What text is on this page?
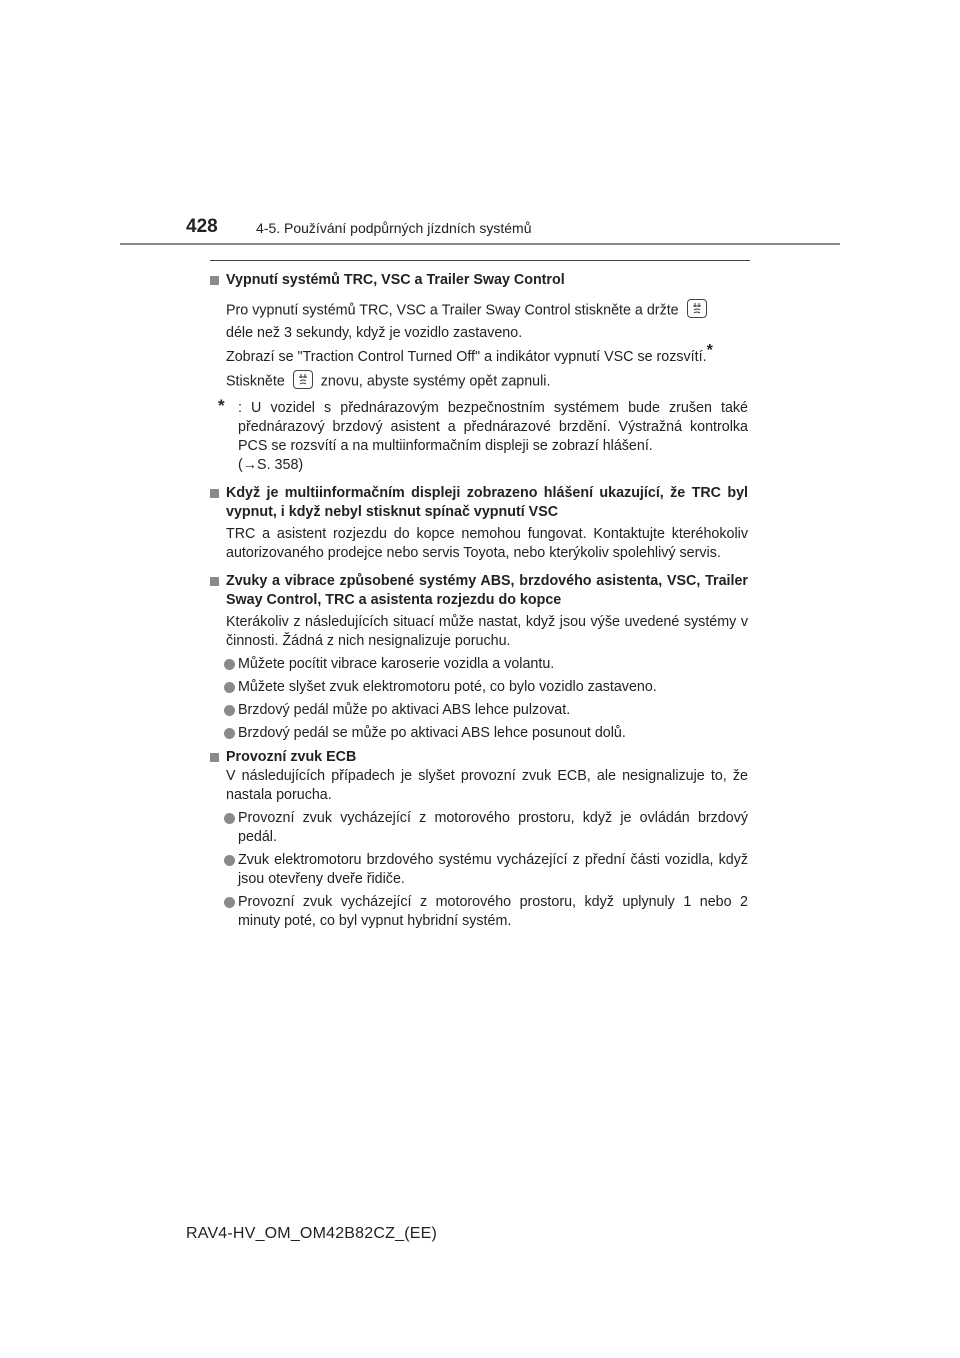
428	4-5. Používání podpůrných jízdních systémů
Vypnutí systémů TRC, VSC a Trailer Sway Control
Pro vypnutí systémů TRC, VSC a Trailer Sway Control stiskněte a držte
déle než 3 sekundy, když je vozidlo zastaveno.
Zobrazí se "Traction Control Turned Off" a indikátor vypnutí VSC se rozsvítí.*
Stiskněte	znovu, abyste systémy opět zapnuli.
* : U vozidel s přednárazovým bezpečnostním systémem bude zrušen také přednárazový brzdový asistent a přednárazové brzdění. Výstražná kontrolka PCS se rozsvítí a na multiinformačním displeji se zobrazí hlášení.
(→S. 358)
Když je multiinformačním displeji zobrazeno hlášení ukazující, že TRC byl vypnut, i když nebyl stisknut spínač vypnutí VSC
TRC a asistent rozjezdu do kopce nemohou fungovat. Kontaktujte kteréhokoliv autorizovaného prodejce nebo servis Toyota, nebo kterýkoliv spolehlivý servis.
Zvuky a vibrace způsobené systémy ABS, brzdového asistenta, VSC, Trailer Sway Control, TRC a asistenta rozjezdu do kopce
Kterákoliv z následujících situací může nastat, když jsou výše uvedené systémy v činnosti. Žádná z nich nesignalizuje poruchu.
Můžete pocítit vibrace karoserie vozidla a volantu.
Můžete slyšet zvuk elektromotoru poté, co bylo vozidlo zastaveno.
Brzdový pedál může po aktivaci ABS lehce pulzovat.
Brzdový pedál se může po aktivaci ABS lehce posunout dolů.
Provozní zvuk ECB
V následujících případech je slyšet provozní zvuk ECB, ale nesignalizuje to, že nastala porucha.
Provozní zvuk vycházející z motorového prostoru, když je ovládán brzdový pedál.
Zvuk elektromotoru brzdového systému vycházející z přední části vozidla, když jsou otevřeny dveře řidiče.
Provozní zvuk vycházející z motorového prostoru, když uplynuly 1 nebo 2 minuty poté, co byl vypnut hybridní systém.
RAV4-HV_OM_OM42B82CZ_(EE)
